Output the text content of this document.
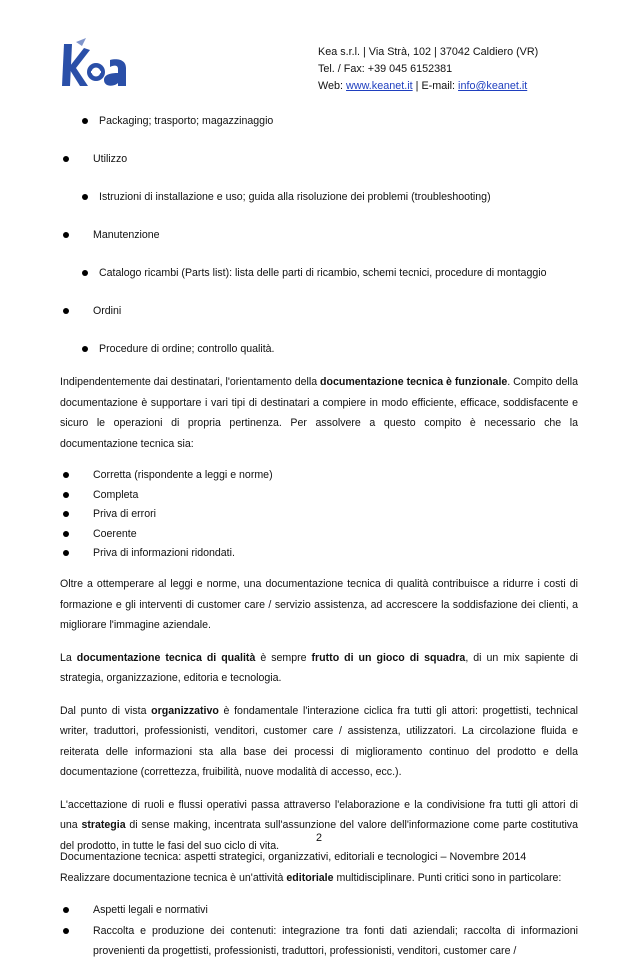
Kea s.r.l. | Via Strà, 102 | 37042 Caldiero (VR)
Tel. / Fax: +39 045 6152381
Web: www.keanet.it | E-mail: info@keanet.it
Packaging; trasporto; magazzinaggio
Utilizzo
Istruzioni di installazione e uso; guida alla risoluzione dei problemi (troubleshooting)
Manutenzione
Catalogo ricambi (Parts list): lista delle parti di ricambio, schemi tecnici, procedure di montaggio
Ordini
Procedure di ordine; controllo qualità.

Indipendentemente dai destinatari, l'orientamento della documentazione tecnica è funzionale. Compito della documentazione è supportare i vari tipi di destinatari a compiere in modo efficiente, efficace, soddisfacente e sicuro le operazioni di propria pertinenza. Per assolvere a questo compito è necessario che la documentazione tecnica sia:

Corretta (rispondente a leggi e norme)
Completa
Priva di errori
Coerente
Priva di informazioni ridondati.

Oltre a ottemperare al leggi e norme, una documentazione tecnica di qualità contribuisce a ridurre i costi di formazione e gli interventi di customer care / servizio assistenza, ad accrescere la soddisfazione dei clienti, a migliorare l'immagine aziendale.

La documentazione tecnica di qualità è sempre frutto di un gioco di squadra, di un mix sapiente di strategia, organizzazione, editoria e tecnologia.

Dal punto di vista organizzativo è fondamentale l'interazione ciclica fra tutti gli attori: progettisti, technical writer, traduttori, professionisti, venditori, customer care / assistenza, utilizzatori. La circolazione fluida e reiterata delle informazioni sta alla base dei processi di miglioramento continuo del prodotto e della documentazione (correttezza, fruibilità, nuove modalità di accesso, ecc.).

L'accettazione di ruoli e flussi operativi passa attraverso l'elaborazione e la condivisione fra tutti gli attori di una strategia di sense making, incentrata sull'assunzione del valore dell'informazione come parte costitutiva del prodotto, in tutte le fasi del suo ciclo di vita.

Realizzare documentazione tecnica è un'attività editoriale multidisciplinare. Punti critici sono in particolare:

Aspetti legali e normativi
Raccolta e produzione dei contenuti: integrazione tra fonti dati aziendali; raccolta di informazioni provenienti da progettisti, professionisti, traduttori, professionisti, venditori, customer care /
2
Documentazione tecnica: aspetti strategici, organizzativi, editoriali e tecnologici – Novembre 2014
